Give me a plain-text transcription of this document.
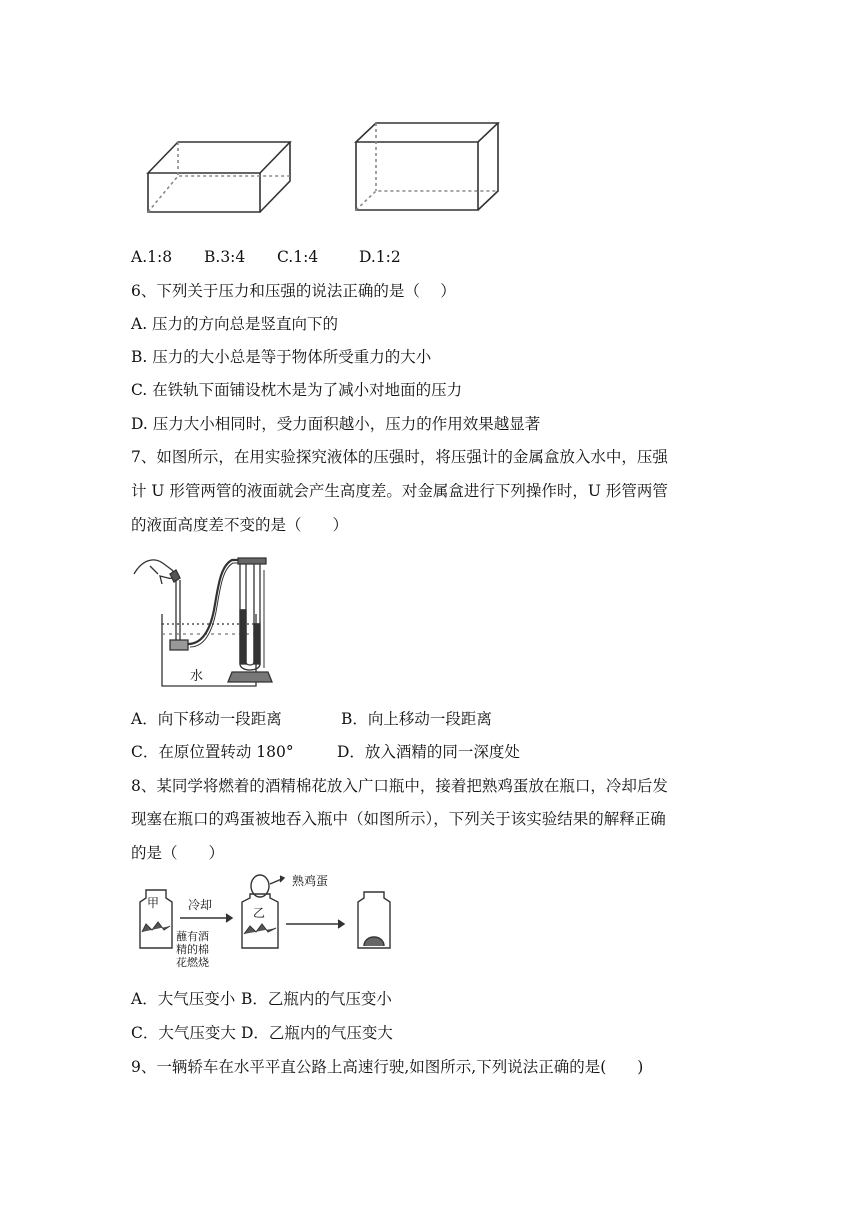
A.1:8 B.3:4 C.1:4	D.1:2
6、下列关于压力和压强的说法正确的是（　 ）
A. 压力的方向总是竖直向下的
B. 压力的大小总是等于物体所受重力的大小
C. 在铁轨下面铺设枕木是为了减小对地面的压力
D. 压力大小相同时，受力面积越小，压力的作用效果越显著
7、如图所示，在用实验探究液体的压强时，将压强计的金属盒放入水中，压强
计 U 形管两管的液面就会产生高度差。对金属盒进行下列操作时，U 形管两管
的液面高度差不变的是（　　）
水
A．向下移动一段距离	B．向上移动一段距离
C．在原位置转动 180°	D．放入酒精的同一深度处
8、某同学将燃着的酒精棉花放入广口瓶中，接着把熟鸡蛋放在瓶口，冷却后发
现塞在瓶口的鸡蛋被地吞入瓶中（如图所示），下列关于该实验结果的解释正确
的是（　　）
甲 冷却
乙
熟鸡蛋
蘸有酒
精的棉
花燃烧
A．大气压变小 B．乙瓶内的气压变小
C．大气压变大 D．乙瓶内的气压变大
9、一辆轿车在水平平直公路上高速行驶,如图所示,下列说法正确的是(　　)
